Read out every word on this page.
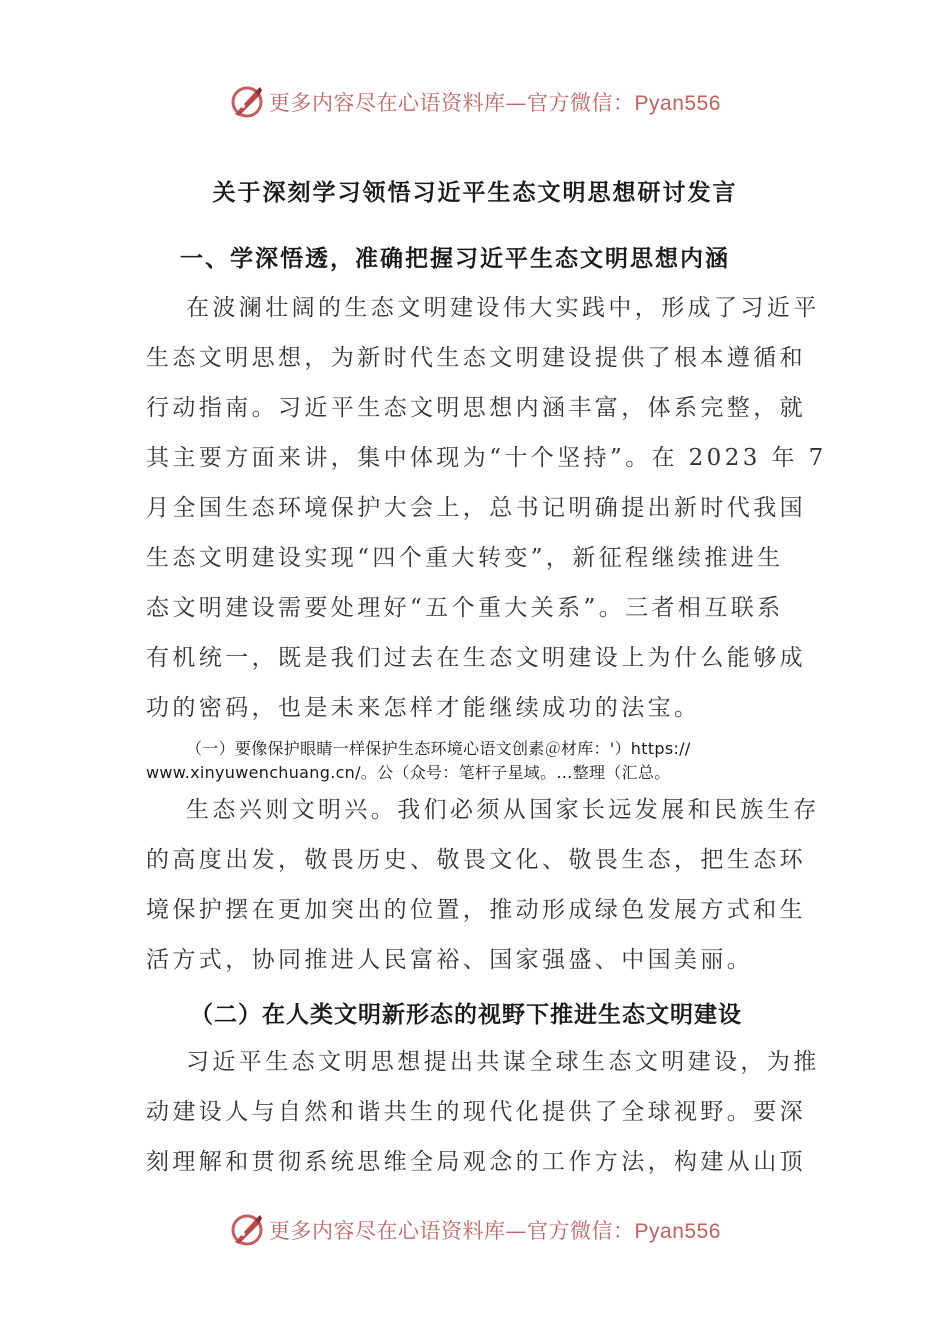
更多内容尽在心语资料库—官方微信：Pyan556
关于深刻学习领悟习近平生态文明思想研讨发言
一、学深悟透，准确把握习近平生态文明思想内涵
在波澜壮阔的生态文明建设伟大实践中，形成了习近平
生态文明思想，为新时代生态文明建设提供了根本遵循和
行动指南。习近平生态文明思想内涵丰富，体系完整，就
其主要方面来讲，集中体现为“十个坚持”。在 2023 年 7
月全国生态环境保护大会上，总书记明确提出新时代我国
生态文明建设实现“四个重大转变”，新征程继续推进生
态文明建设需要处理好“五个重大关系”。三者相互联系
有机统一，既是我们过去在生态文明建设上为什么能够成
功的密码，也是未来怎样才能继续成功的法宝。
（一）要像保护眼睛一样保护生态环境心语文创素＠材库：'）https://
www.xinyuwenchuang.cn/。公（众号：笔杆子星域。…整理（汇总。
生态兴则文明兴。我们必须从国家长远发展和民族生存
的高度出发，敬畏历史、敬畏文化、敬畏生态，把生态环
境保护摆在更加突出的位置，推动形成绿色发展方式和生
活方式，协同推进人民富裕、国家强盛、中国美丽。
（二）在人类文明新形态的视野下推进生态文明建设
习近平生态文明思想提出共谋全球生态文明建设，为推
动建设人与自然和谐共生的现代化提供了全球视野。要深
刻理解和贯彻系统思维全局观念的工作方法，构建从山顶
更多内容尽在心语资料库—官方微信：Pyan556
